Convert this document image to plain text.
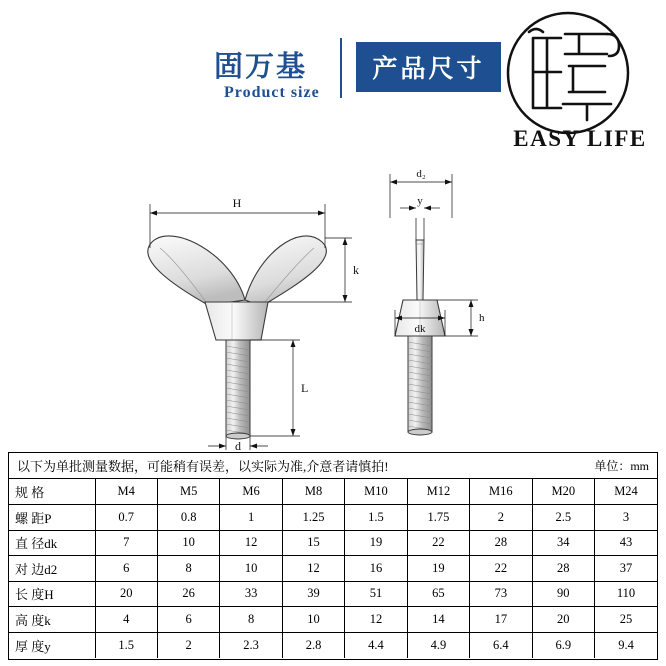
固万基
Product size
产品尺寸
EASY LIFE
H
k
L
d
d₂
y
h
dk
以下为单批测量数据，可能稍有误差，以实际为准,介意者请慎拍!	单位：mm
规 格	M4	M5	M6	M8	M10	M12	M16	M20	M24
螺 距P	0.7	0.8	1	1.25	1.5	1.75	2	2.5	3
直 径dk	7	10	12	15	19	22	28	34	43
对 边d2	6	8	10	12	16	19	22	28	37
长 度H	20	26	33	39	51	65	73	90	110
高 度k	4	6	8	10	12	14	17	20	25
厚 度y	1.5	2	2.3	2.8	4.4	4.9	6.4	6.9	9.4
